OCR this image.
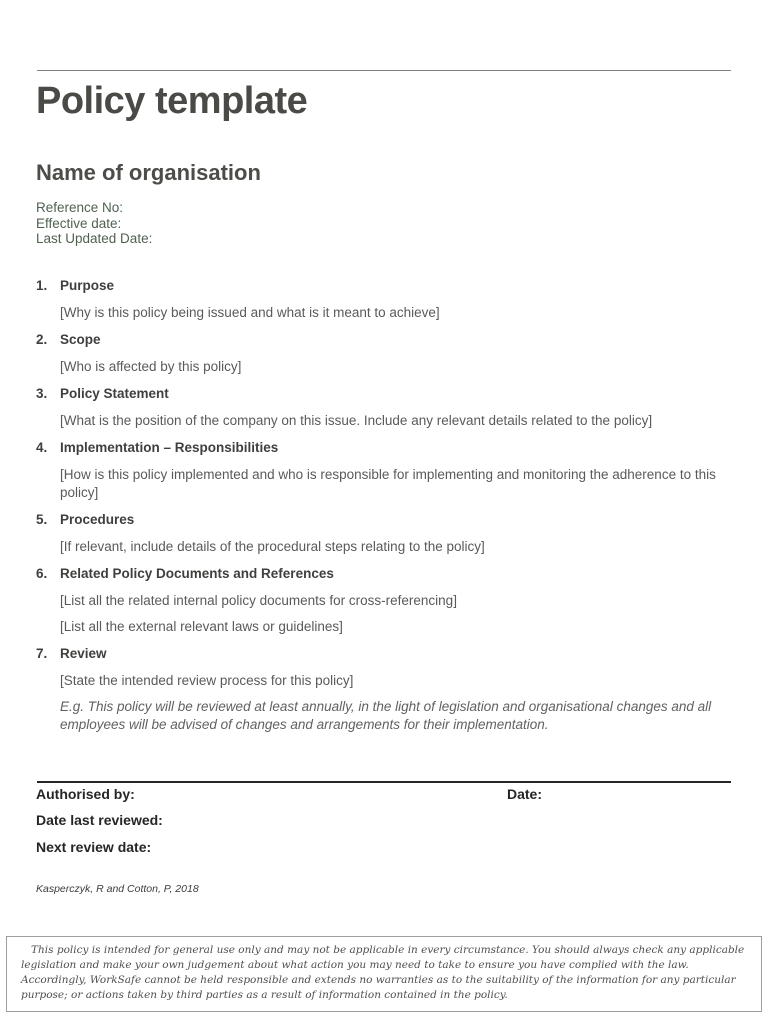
Policy template
Name of organisation
Reference No:
Effective date:
Last Updated Date:
1. Purpose

[Why is this policy being issued and what is it meant to achieve]

2. Scope

[Who is affected by this policy]

3. Policy Statement

[What is the position of the company on this issue. Include any relevant details related to the policy]

4. Implementation – Responsibilities

[How is this policy implemented and who is responsible for implementing and monitoring the adherence to this policy]

5. Procedures

[If relevant, include details of the procedural steps relating to the policy]

6. Related Policy Documents and References

[List all the related internal policy documents for cross-referencing]

[List all the external relevant laws or guidelines]

7. Review

[State the intended review process for this policy]

E.g. This policy will be reviewed at least annually, in the light of legislation and organisational changes and all employees will be advised of changes and arrangements for their implementation.

Authorised by:	Date:
Date last reviewed:
Next review date:
Kasperczyk, R and Cotton, P, 2018

This policy is intended for general use only and may not be applicable in every circumstance. You should always check any applicable legislation and make your own judgement about what action you may need to take to ensure you have complied with the law. Accordingly, WorkSafe cannot be held responsible and extends no warranties as to the suitability of the information for any particular purpose; or actions taken by third parties as a result of information contained in the policy.
